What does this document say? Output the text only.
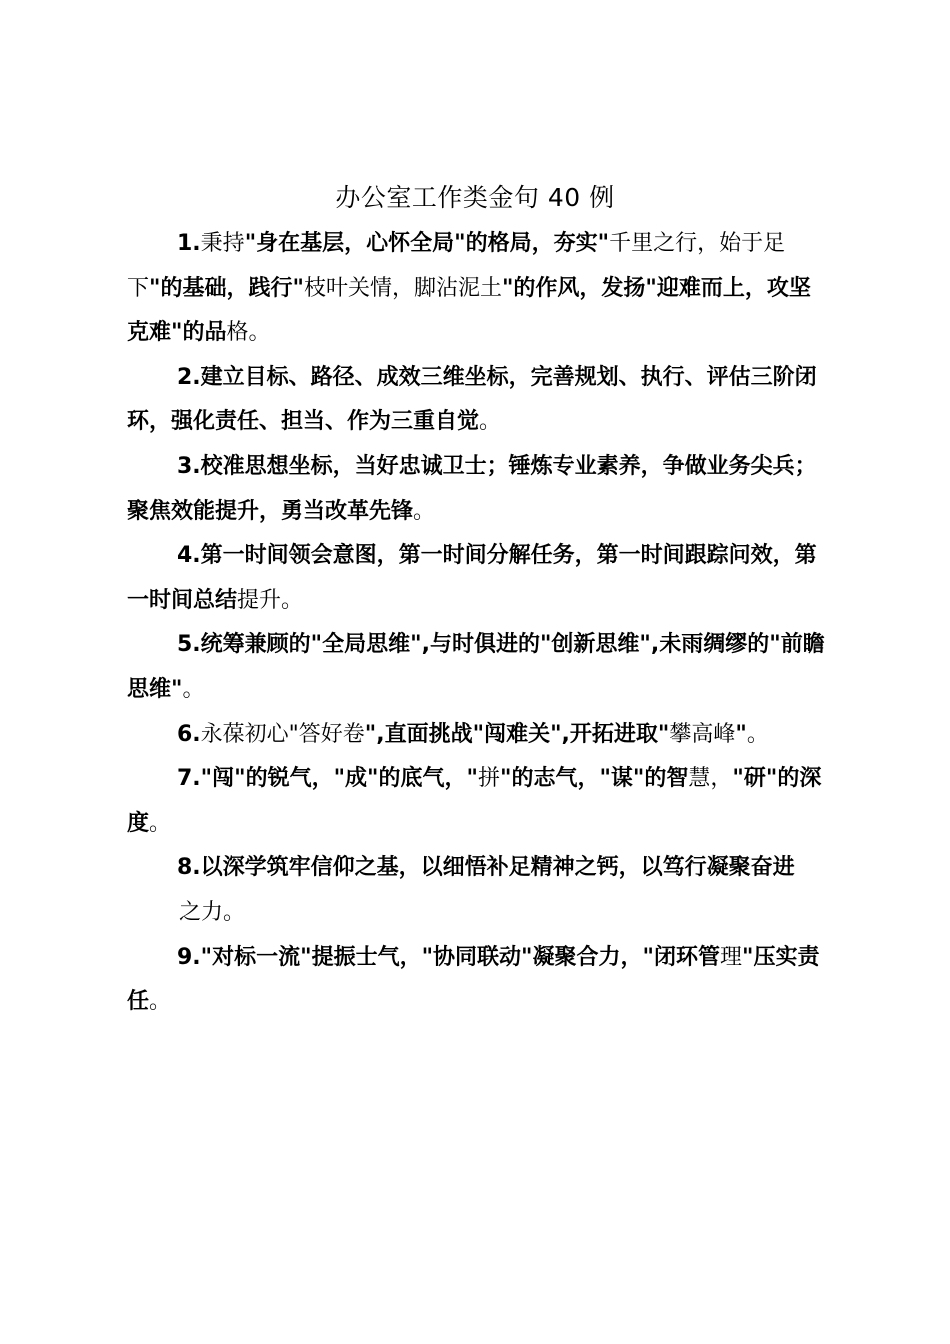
办公室工作类金句 40 例

1.秉持"身在基层，心怀全局"的格局，夯实"千里之行，始于足下"的基础，践行"枝叶关情，脚沾泥土"的作风，发扬"迎难而上，攻坚克难"的品格。

2.建立目标、路径、成效三维坐标，完善规划、执行、评估三阶闭环，强化责任、担当、作为三重自觉。

3.校准思想坐标，当好忠诚卫士；锤炼专业素养，争做业务尖兵；聚焦效能提升，勇当改革先锋。

4.第一时间领会意图，第一时间分解任务，第一时间跟踪问效，第一时间总结提升。

5.统筹兼顾的"全局思维",与时俱进的"创新思维",未雨绸缪的"前瞻思维"。

6.永葆初心"答好卷",直面挑战"闯难关",开拓进取"攀高峰"。

7."闯"的锐气，"成"的底气，"拼"的志气，"谋"的智慧，"研"的深度。

8.以深学筑牢信仰之基，以细悟补足精神之钙，以笃行凝聚奋进

之力。

9."对标一流"提振士气，"协同联动"凝聚合力，"闭环管理"压实责任。
